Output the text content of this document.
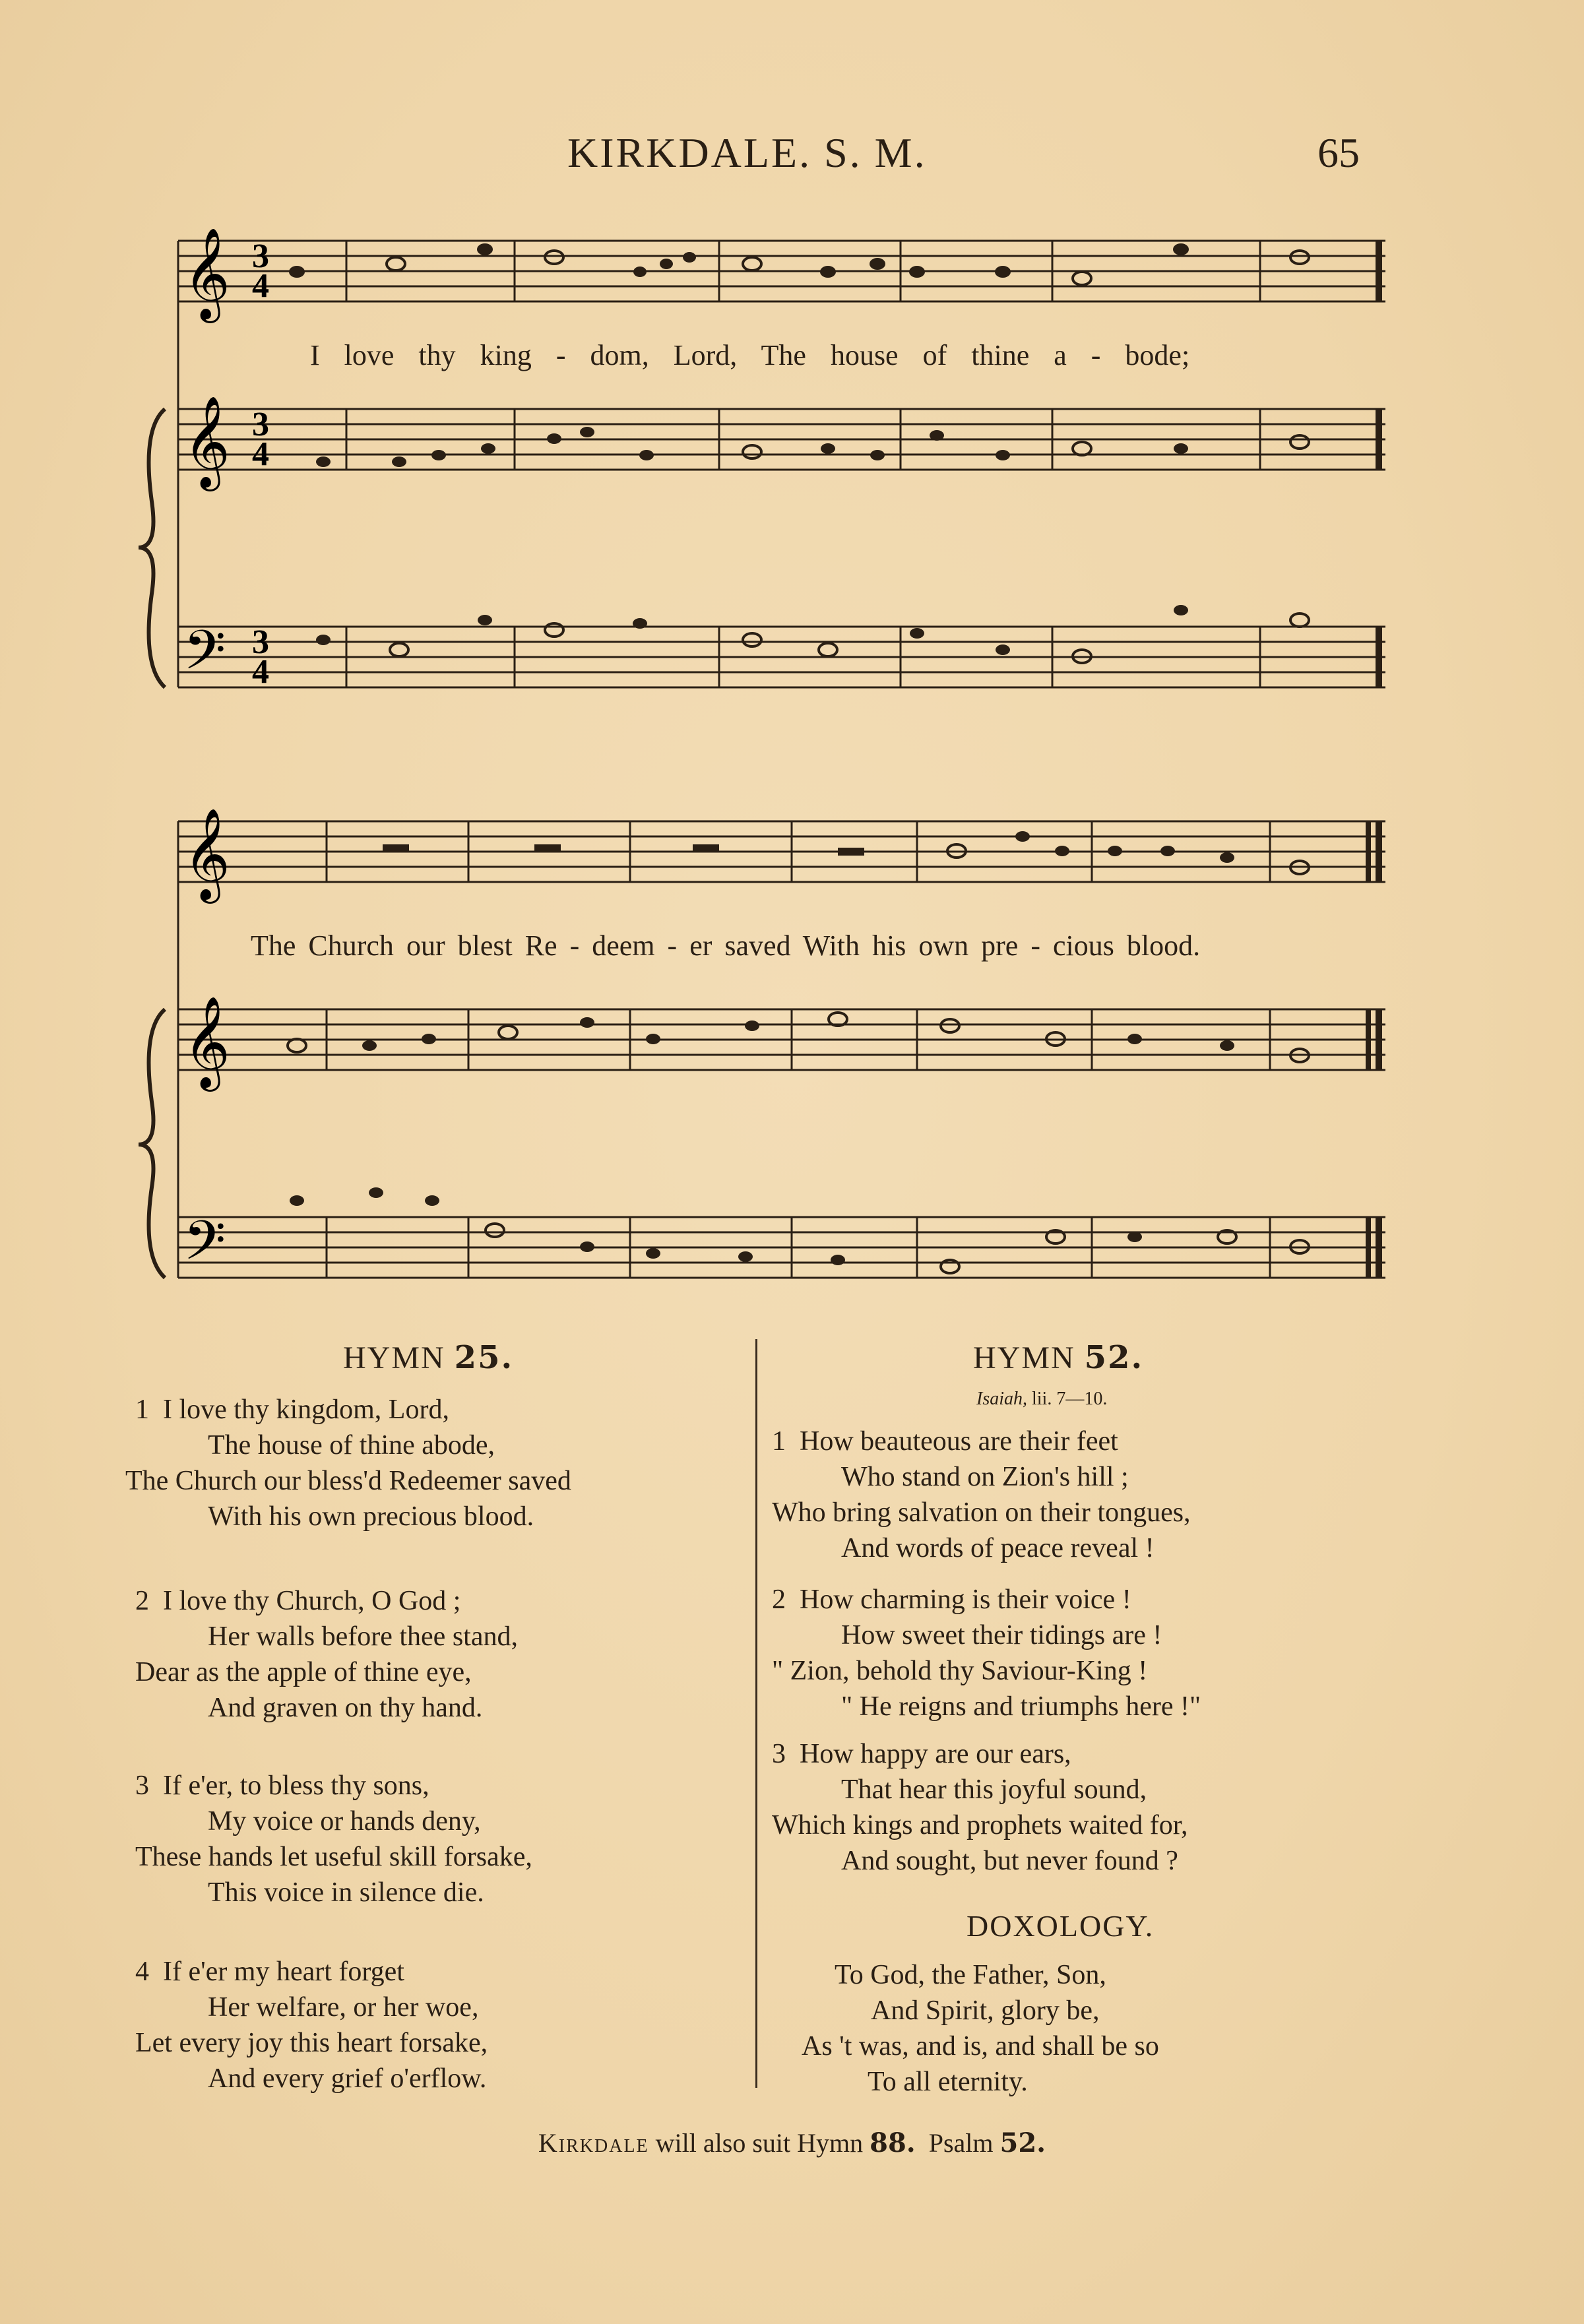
KIRKDALE. S. M.	65
𝄞
𝄞
𝄢
3
4
3
4
3
4
𝄞
𝄞
𝄢
I love thy king - dom, Lord, The house of thine a - bode;
The Church our blest Re - deem - er saved With his own pre - cious blood.
HYMN 25.
1 I love thy kingdom, Lord,
The house of thine abode,
The Church our bless'd Redeemer saved
With his own precious blood.
2 I love thy Church, O God ;
Her walls before thee stand,
Dear as the apple of thine eye,
And graven on thy hand.
3 If e'er, to bless thy sons,
My voice or hands deny,
These hands let useful skill forsake,
This voice in silence die.
4 If e'er my heart forget
Her welfare, or her woe,
Let every joy this heart forsake,
And every grief o'erflow.
HYMN 52.
Isaiah, lii. 7—10.
1 How beauteous are their feet
Who stand on Zion's hill ;
Who bring salvation on their tongues,
And words of peace reveal !
2 How charming is their voice !
How sweet their tidings are !
" Zion, behold thy Saviour-King !
" He reigns and triumphs here !"
3 How happy are our ears,
That hear this joyful sound,
Which kings and prophets waited for,
And sought, but never found ?
DOXOLOGY.
To God, the Father, Son,
And Spirit, glory be,
As 't was, and is, and shall be so
To all eternity.
Kirkdale will also suit Hymn 88. Psalm 52.
